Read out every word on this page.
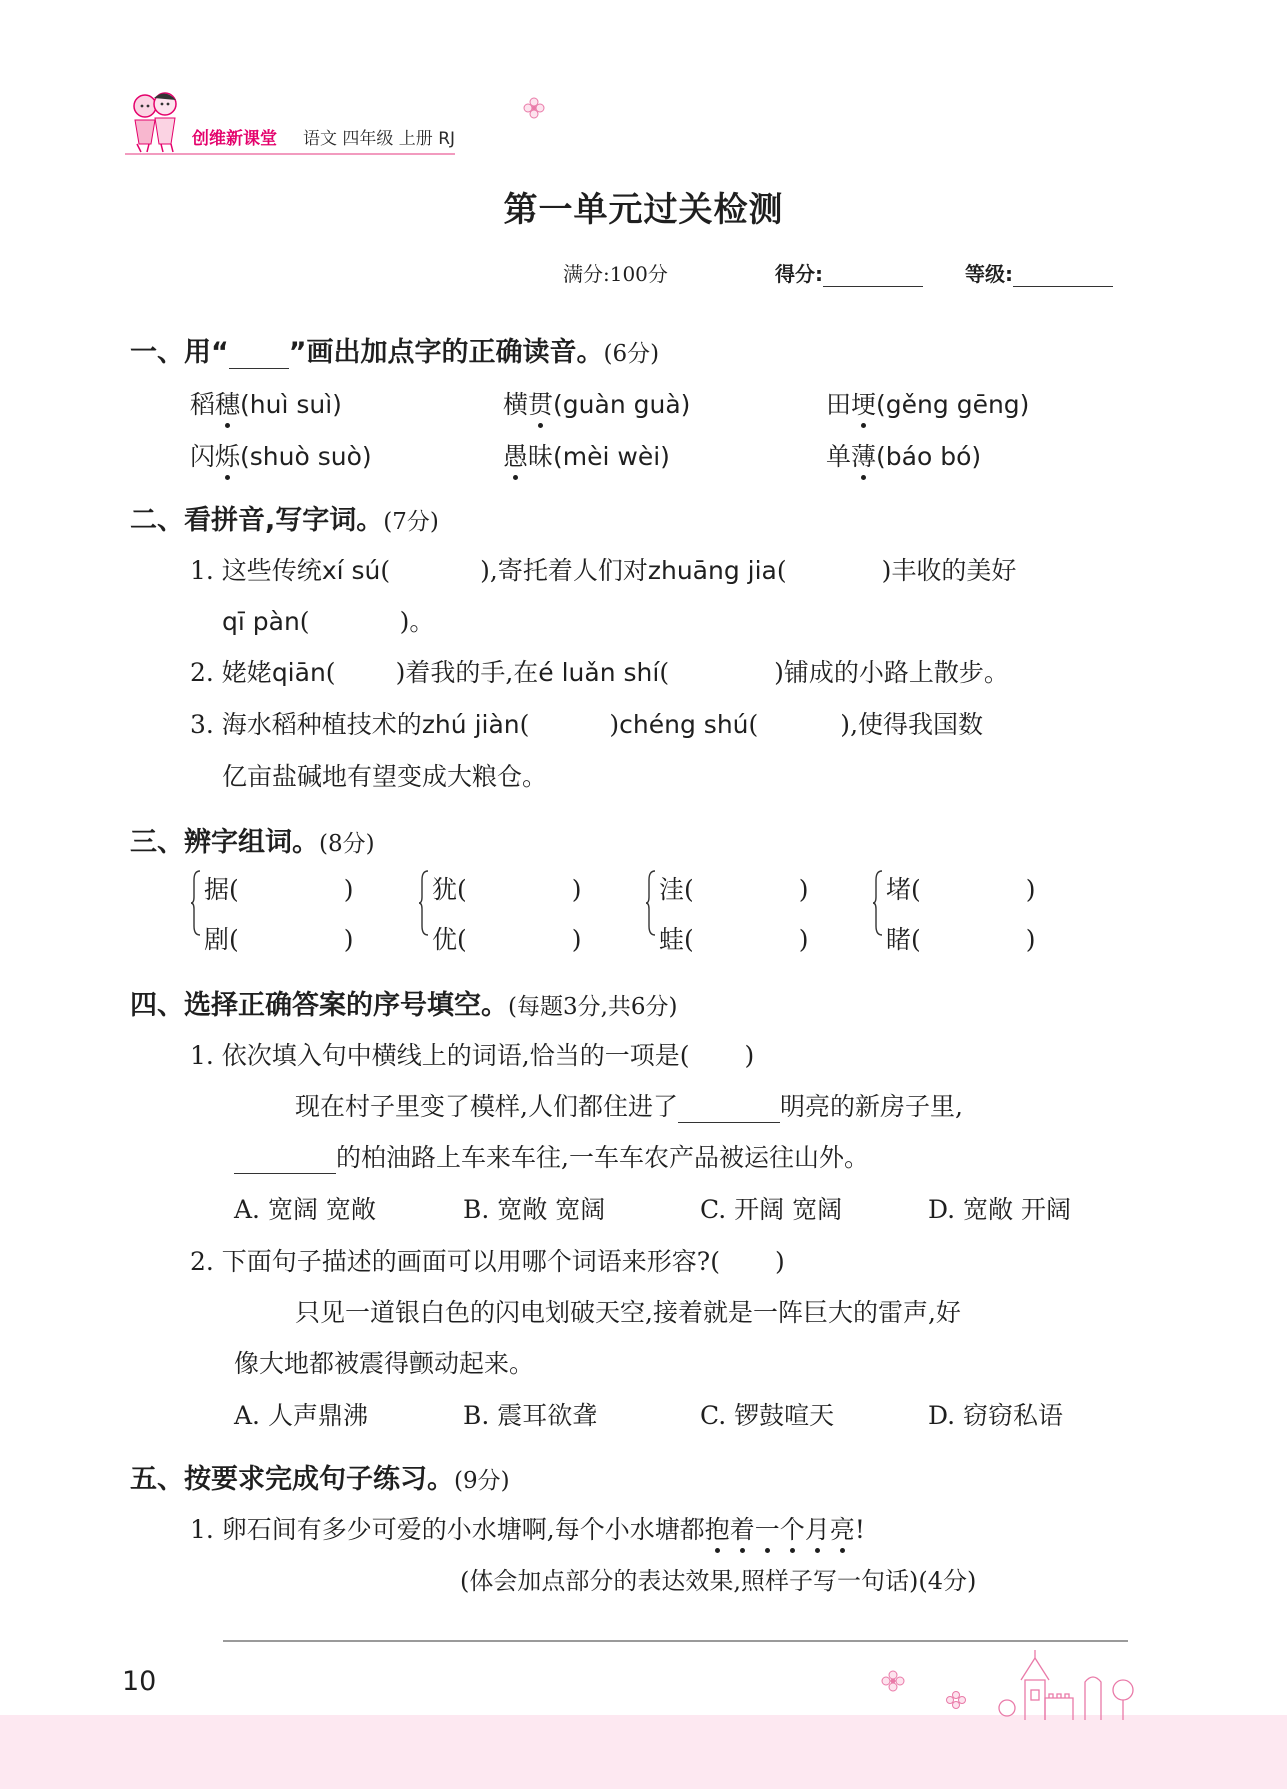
创维新课堂 语文 四年级 上册 RJ
第一单元过关检测
满分:100分	得分:	等级:
一、用“ ”画出加点字的正确读音。(6分)
稻穗(huì suì)	横贯(guàn guà)	田埂(gěng gēng)
闪烁(shuò suò)	愚昧(mèi wèi)	单薄(báo bó)
二、看拼音,写字词。(7分)
1. 这些传统xí sú(	),寄托着人们对zhuāng jia(	)丰收的美好
qī pàn(	)。
2. 姥姥qiān( )着我的手,在é luǎn shí(	)铺成的小路上散步。
3. 海水稻种植技术的zhú jiàn(	)chéng shú(	),使得我国数
亿亩盐碱地有望变成大粮仓。
三、辨字组词。(8分)
据(	)
剧(	)
犹(	)
优(	)
洼(	)
蛙(	)
堵(	)
睹(	)
四、选择正确答案的序号填空。(每题3分,共6分)
1. 依次填入句中横线上的词语,恰当的一项是( )
现在村子里变了模样,人们都住进了	明亮的新房子里,
的柏油路上车来车往,一车车农产品被运往山外。
A. 宽阔 宽敞	B. 宽敞 宽阔	C. 开阔 宽阔	D. 宽敞 开阔
2. 下面句子描述的画面可以用哪个词语来形容?( )
只见一道银白色的闪电划破天空,接着就是一阵巨大的雷声,好
像大地都被震得颤动起来。
A. 人声鼎沸	B. 震耳欲聋	C. 锣鼓喧天	D. 窃窃私语
五、按要求完成句子练习。(9分)
1. 卵石间有多少可爱的小水塘啊,每个小水塘都抱着一个月亮!
(体会加点部分的表达效果,照样子写一句话)(4分)
10
